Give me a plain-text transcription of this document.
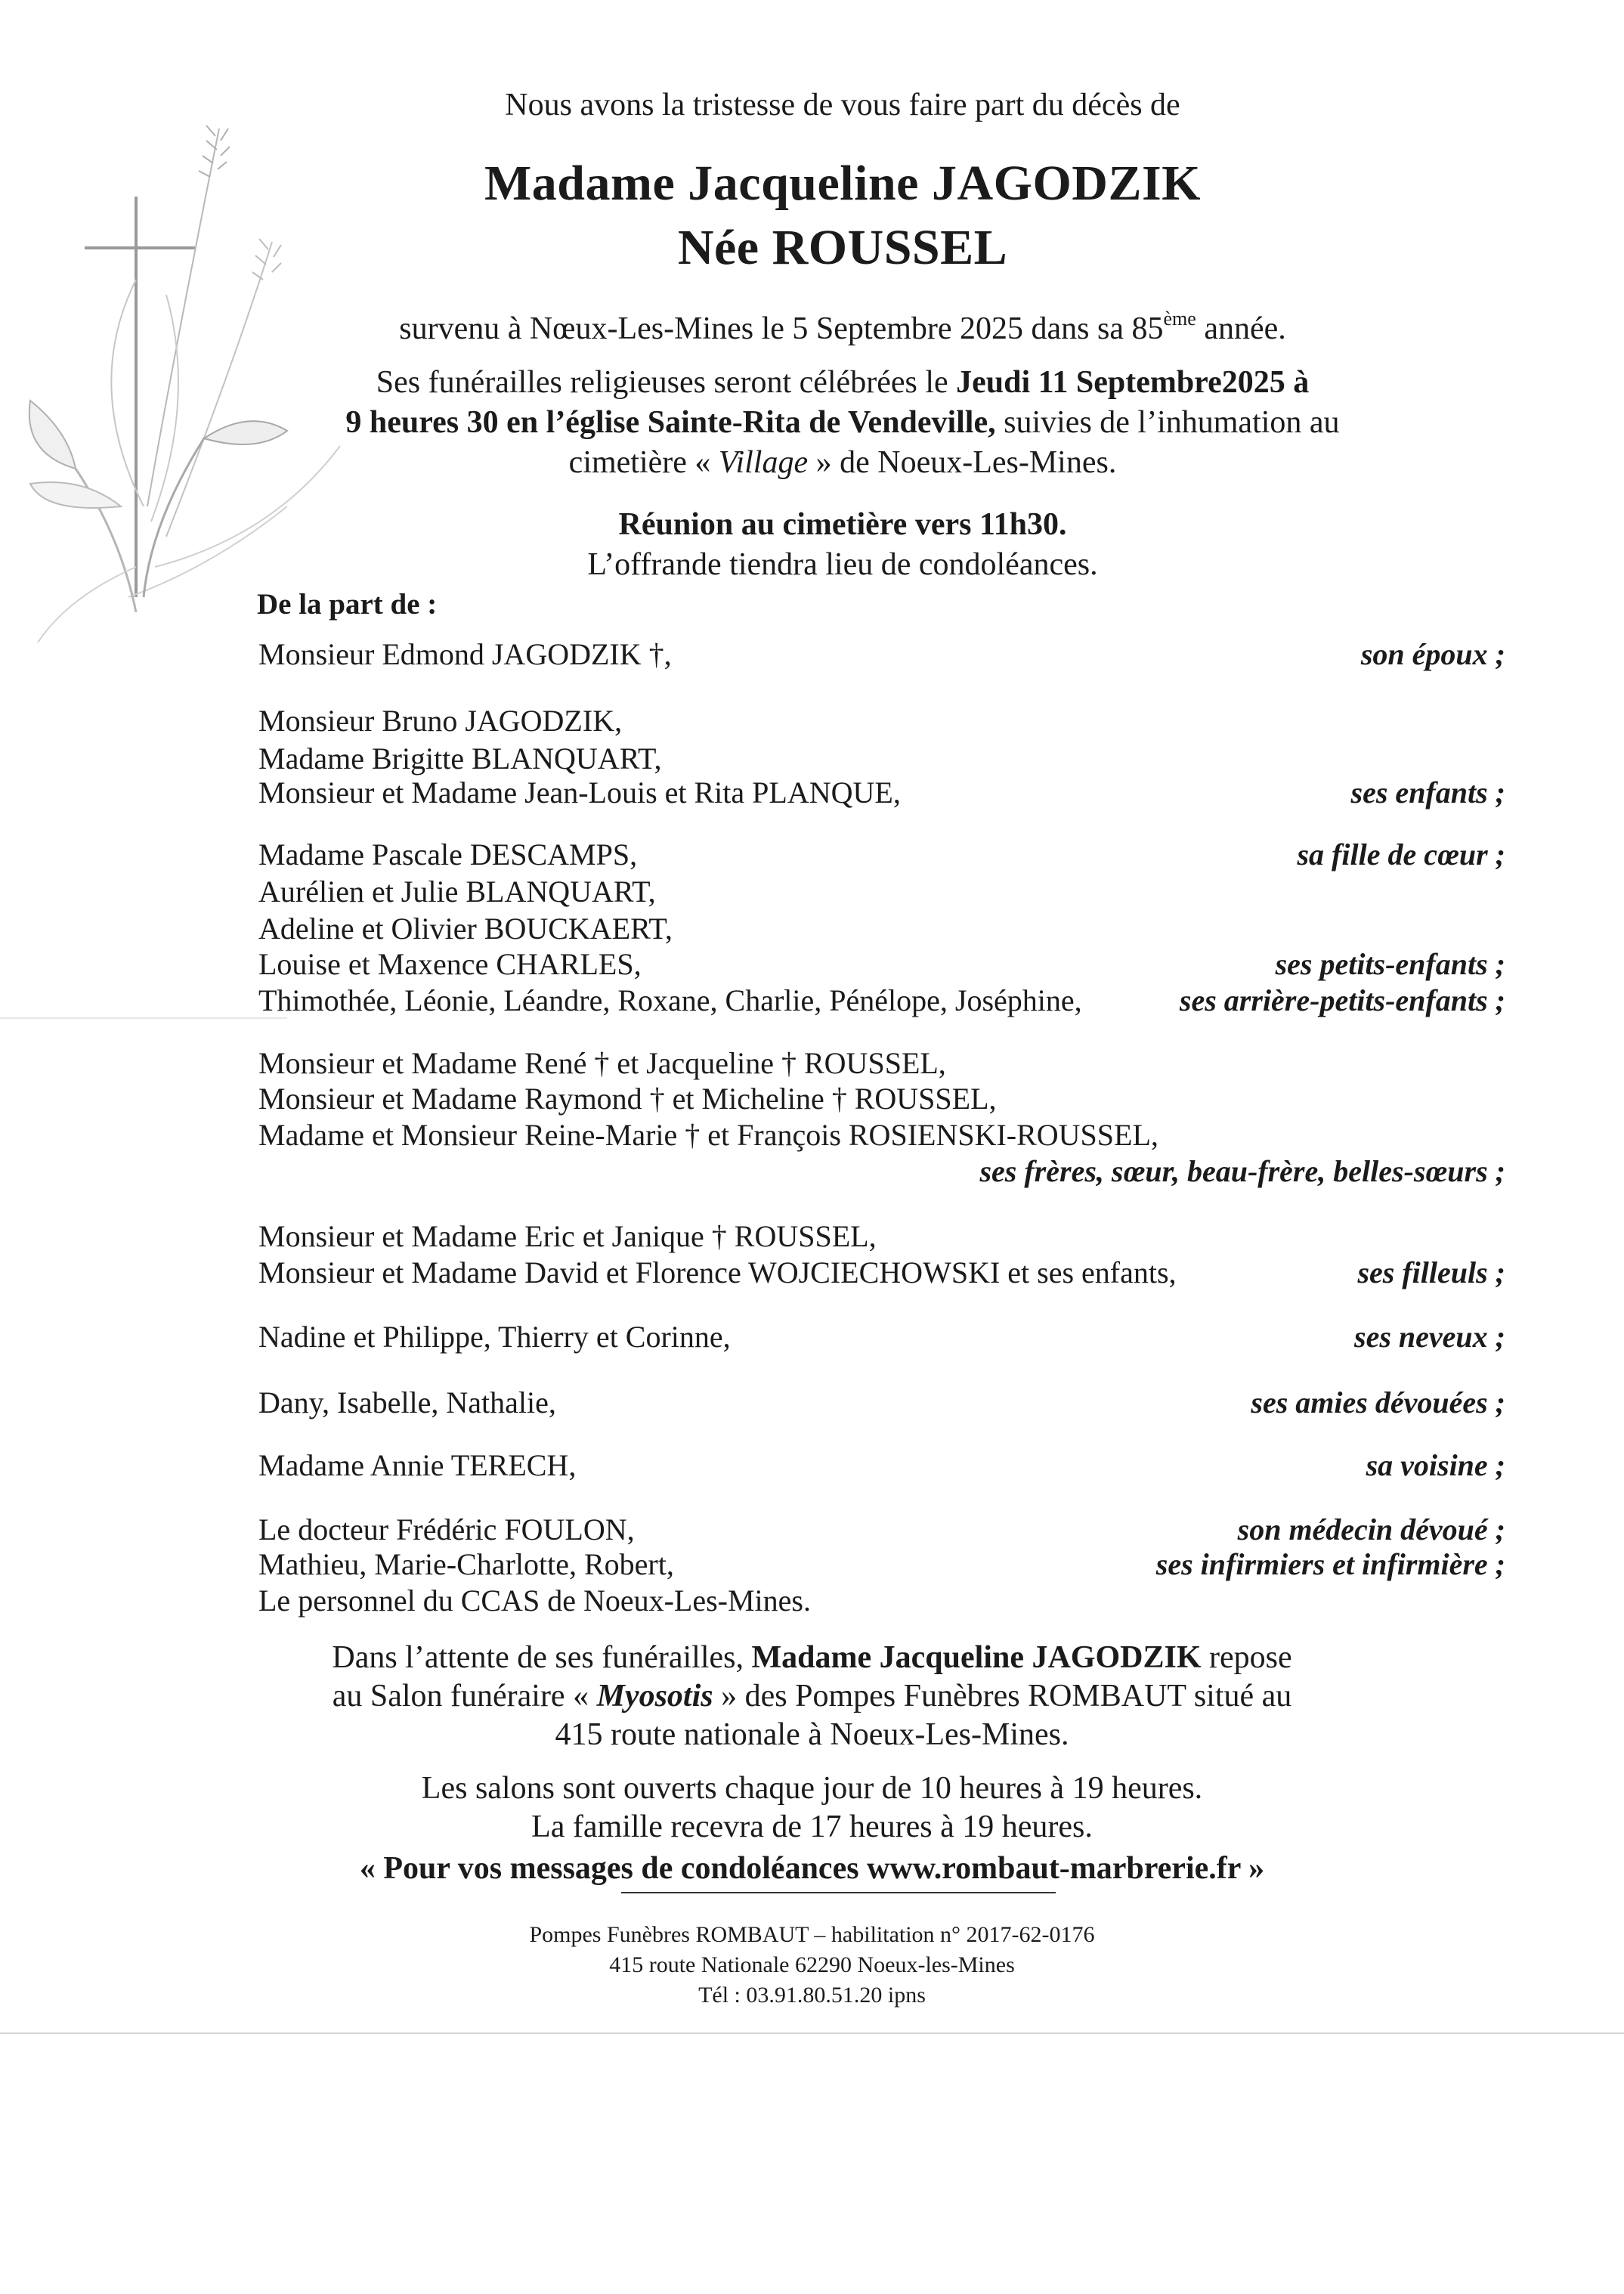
Nous avons la tristesse de vous faire part du décès de
Madame Jacqueline JAGODZIK
Née ROUSSEL
survenu à Nœux-Les-Mines le 5 Septembre 2025 dans sa 85ème année.
Ses funérailles religieuses seront célébrées le Jeudi 11 Septembre2025 à
9 heures 30 en l’église Sainte-Rita de Vendeville, suivies de l’inhumation au
cimetière « Village » de Noeux-Les-Mines.
Réunion au cimetière vers 11h30.
L’offrande tiendra lieu de condoléances.
De la part de :
Monsieur Edmond JAGODZIK †,	son époux ;
Monsieur Bruno JAGODZIK,
Madame Brigitte BLANQUART,
Monsieur et Madame Jean-Louis et Rita PLANQUE,	ses enfants ;
Madame Pascale DESCAMPS,	sa fille de cœur ;
Aurélien et Julie BLANQUART,
Adeline et Olivier BOUCKAERT,
Louise et Maxence CHARLES,	ses petits-enfants ;
Thimothée, Léonie, Léandre, Roxane, Charlie, Pénélope, Joséphine,	ses arrière-petits-enfants ;
Monsieur et Madame René † et Jacqueline † ROUSSEL,
Monsieur et Madame Raymond † et Micheline † ROUSSEL,
Madame et Monsieur Reine-Marie † et François ROSIENSKI-ROUSSEL,
ses frères, sœur, beau-frère, belles-sœurs ;
Monsieur et Madame Eric et Janique † ROUSSEL,
Monsieur et Madame David et Florence WOJCIECHOWSKI et ses enfants,	ses filleuls ;
Nadine et Philippe, Thierry et Corinne,	ses neveux ;
Dany, Isabelle, Nathalie,	ses amies dévouées ;
Madame Annie TERECH,	sa voisine ;
Le docteur Frédéric FOULON,	son médecin dévoué ;
Mathieu, Marie-Charlotte, Robert,	ses infirmiers et infirmière ;
Le personnel du CCAS de Noeux-Les-Mines.
Dans l’attente de ses funérailles, Madame Jacqueline JAGODZIK repose
au Salon funéraire « Myosotis » des Pompes Funèbres ROMBAUT situé au
415 route nationale à Noeux-Les-Mines.
Les salons sont ouverts chaque jour de 10 heures à 19 heures.
La famille recevra de 17 heures à 19 heures.
« Pour vos messages de condoléances www.rombaut-marbrerie.fr »
Pompes Funèbres ROMBAUT – habilitation n° 2017-62-0176
415 route Nationale 62290 Noeux-les-Mines
Tél : 03.91.80.51.20 ipns
